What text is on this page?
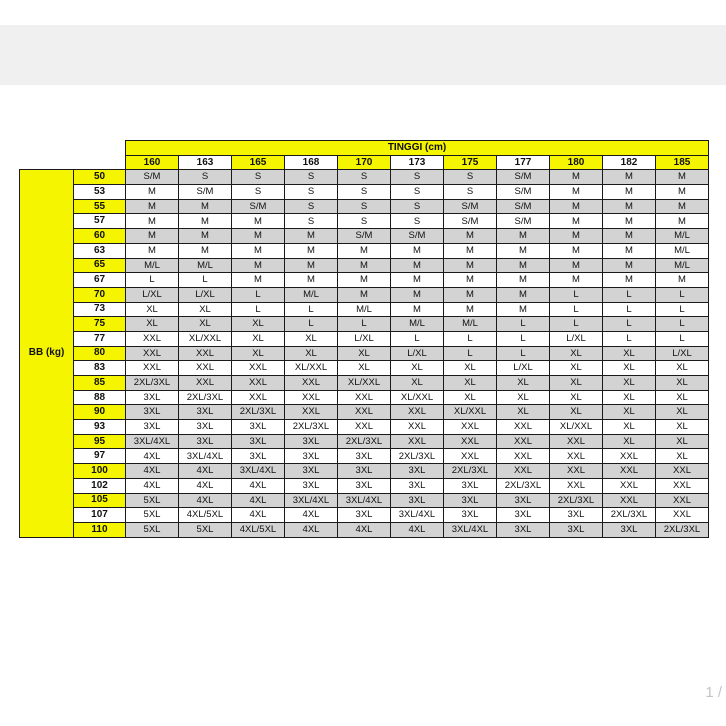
		TINGGI (cm)										
		160	163	165	168	170	173	175	177	180	182	185
BB (kg)	50	S/M	S	S	S	S	S	S	S/M	M	M	M
	53	M	S/M	S	S	S	S	S	S/M	M	M	M
	55	M	M	S/M	S	S	S	S/M	S/M	M	M	M
	57	M	M	M	S	S	S	S/M	S/M	M	M	M
	60	M	M	M	M	S/M	S/M	M	M	M	M	M/L
	63	M	M	M	M	M	M	M	M	M	M	M/L
	65	M/L	M/L	M	M	M	M	M	M	M	M	M/L
	67	L	L	M	M	M	M	M	M	M	M	M
	70	L/XL	L/XL	L	M/L	M	M	M	M	L	L	L
	73	XL	XL	L	L	M/L	M	M	M	L	L	L
	75	XL	XL	XL	L	L	M/L	M/L	L	L	L	L
	77	XXL	XL/XXL	XL	XL	L/XL	L	L	L	L/XL	L	L
	80	XXL	XXL	XL	XL	XL	L/XL	L	L	XL	XL	L/XL
	83	XXL	XXL	XXL	XL/XXL	XL	XL	XL	L/XL	XL	XL	XL
	85	2XL/3XL	XXL	XXL	XXL	XL/XXL	XL	XL	XL	XL	XL	XL
	88	3XL	2XL/3XL	XXL	XXL	XXL	XL/XXL	XL	XL	XL	XL	XL
	90	3XL	3XL	2XL/3XL	XXL	XXL	XXL	XL/XXL	XL	XL	XL	XL
	93	3XL	3XL	3XL	2XL/3XL	XXL	XXL	XXL	XXL	XL/XXL	XL	XL
	95	3XL/4XL	3XL	3XL	3XL	2XL/3XL	XXL	XXL	XXL	XXL	XL	XL
	97	4XL	3XL/4XL	3XL	3XL	3XL	2XL/3XL	XXL	XXL	XXL	XXL	XL
	100	4XL	4XL	3XL/4XL	3XL	3XL	3XL	2XL/3XL	XXL	XXL	XXL	XXL
	102	4XL	4XL	4XL	3XL	3XL	3XL	3XL	2XL/3XL	XXL	XXL	XXL
	105	5XL	4XL	4XL	3XL/4XL	3XL/4XL	3XL	3XL	3XL	2XL/3XL	XXL	XXL
	107	5XL	4XL/5XL	4XL	4XL	3XL	3XL/4XL	3XL	3XL	3XL	2XL/3XL	XXL
	110	5XL	5XL	4XL/5XL	4XL	4XL	4XL	3XL/4XL	3XL	3XL	3XL	2XL/3XL
1 /
